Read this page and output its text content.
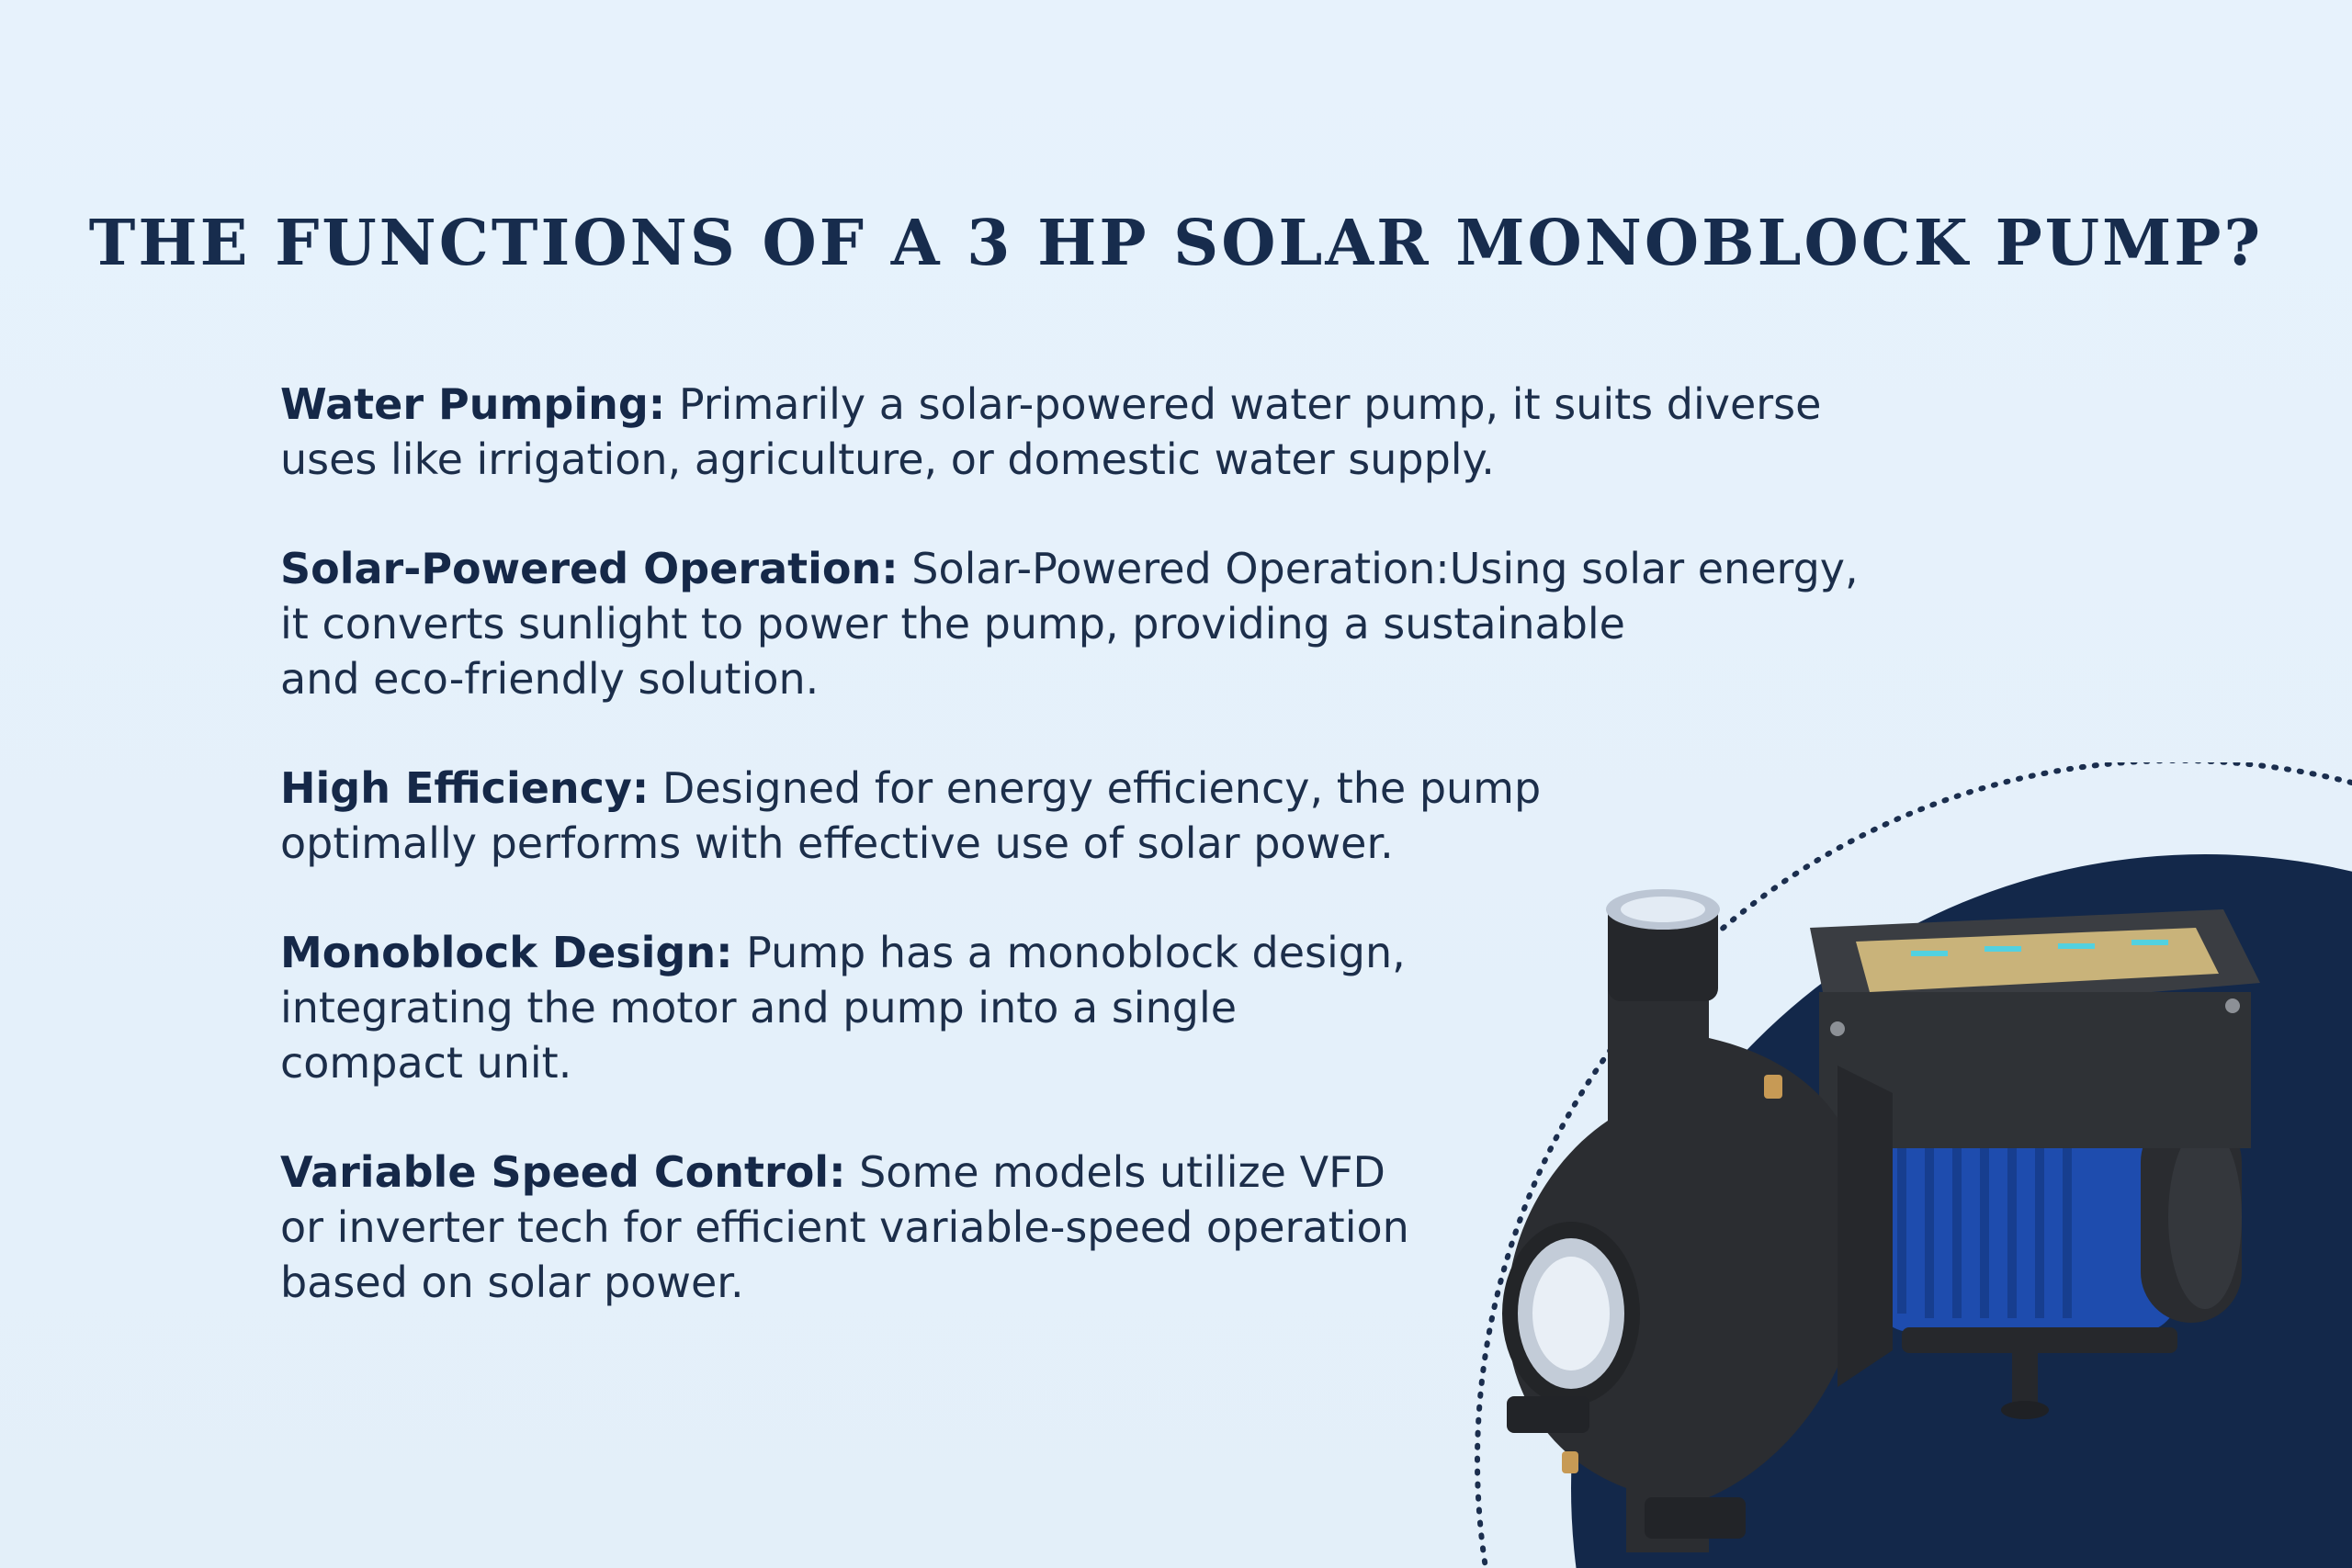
THE FUNCTIONS OF A 3 HP SOLAR MONOBLOCK PUMP?

Water Pumping: Primarily a solar-powered water pump, it suits diverse
uses like irrigation, agriculture, or domestic water supply.

Solar-Powered Operation: Solar-Powered Operation:Using solar energy,
it converts sunlight to power the pump, providing a sustainable
and eco-friendly solution.

High Efficiency: Designed for energy efficiency, the pump
optimally performs with effective use of solar power.

Monoblock Design: Pump has a monoblock design,
integrating the motor and pump into a single
compact unit.

Variable Speed Control: Some models utilize VFD
or inverter tech for efficient variable-speed operation
based on solar power.
